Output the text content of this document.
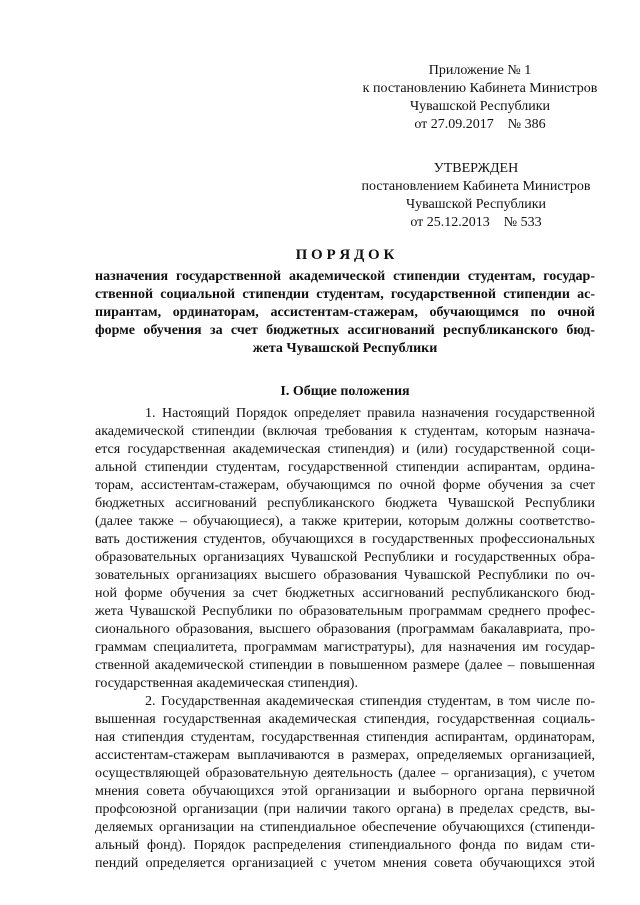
Приложение № 1
к постановлению Кабинета Министров
Чувашской Республики
от 27.09.2017    № 386
УТВЕРЖДЕН
постановлением Кабинета Министров
Чувашской Республики
от 25.12.2013    № 533
П О Р Я Д О К
назначения государственной академической стипендии студентам, государ-
ственной социальной стипендии студентам, государственной стипендии ас-
пирантам, ординаторам, ассистентам-стажерам, обучающимся по очной
форме обучения за счет бюджетных ассигнований республиканского бюд-
жета Чувашской Республики
I. Общие положения
1. Настоящий Порядок определяет правила назначения государственной
академической стипендии (включая требования к студентам, которым назнача-
ется государственная академическая стипендия) и (или) государственной соци-
альной стипендии студентам, государственной стипендии аспирантам, ордина-
торам, ассистентам-стажерам, обучающимся по очной форме обучения за счет
бюджетных ассигнований республиканского бюджета Чувашской Республики
(далее также – обучающиеся), а также критерии, которым должны соответство-
вать достижения студентов, обучающихся в государственных профессиональных
образовательных организациях Чувашской Республики и государственных обра-
зовательных организациях высшего образования Чувашской Республики по оч-
ной форме обучения за счет бюджетных ассигнований республиканского бюд-
жета Чувашской Республики по образовательным программам среднего профес-
сионального образования, высшего образования (программам бакалавриата, про-
граммам специалитета, программам магистратуры), для назначения им государ-
ственной академической стипендии в повышенном размере (далее – повышенная
государственная академическая стипендия).
2. Государственная академическая стипендия студентам, в том числе по-
вышенная государственная академическая стипендия, государственная социаль-
ная стипендия студентам, государственная стипендия аспирантам, ординаторам,
ассистентам-стажерам выплачиваются в размерах, определяемых организацией,
осуществляющей образовательную деятельность (далее – организация), с учетом
мнения совета обучающихся этой организации и выборного органа первичной
профсоюзной организации (при наличии такого органа) в пределах средств, вы-
деляемых организации на стипендиальное обеспечение обучающихся (стипенди-
альный фонд). Порядок распределения стипендиального фонда по видам сти-
пендий определяется организацией с учетом мнения совета обучающихся этой
